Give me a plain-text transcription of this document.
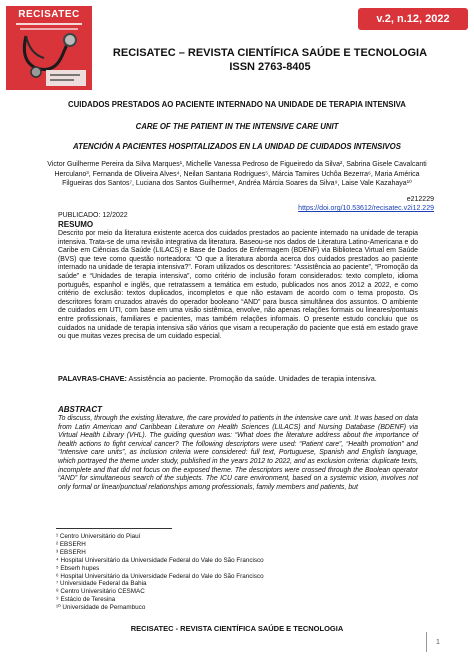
RECISATEC	v.2, n.12, 2022
RECISATEC – REVISTA CIENTÍFICA SAÚDE E TECNOLOGIA
ISSN 2763-8405
CUIDADOS PRESTADOS AO PACIENTE INTERNADO NA UNIDADE DE TERAPIA INTENSIVA
CARE OF THE PATIENT IN THE INTENSIVE CARE UNIT
ATENCIÓN A PACIENTES HOSPITALIZADOS EN LA UNIDAD DE CUIDADOS INTENSIVOS
Victor Guilherme Pereira da Silva Marques¹, Michelle Vanessa Pedroso de Figueiredo da Silva², Sabrina Gisele Cavalcanti Herculano³, Fernanda de Oliveira Alves⁴, Neilan Santana Rodrigues⁵, Márcia Tamires Uchôa Bezerra⁶, Maria América Filgueiras dos Santos⁷, Luciana dos Santos Guilherme⁸, Andréa Márcia Soares da Silva⁹, Laise Vale Kazahaya¹⁰
e212229
https://doi.org/10.53612/recisatec.v2i12.229
PUBLICADO: 12/2022
RESUMO
Descrito por meio da literatura existente acerca dos cuidados prestados ao paciente internado na unidade de terapia intensiva. Trata-se de uma revisão integrativa da literatura. Baseou-se nos dados de Literatura Latino-Americana e do Caribe em Ciências da Saúde (LILACS) e Base de Dados de Enfermagem (BDENF) via Biblioteca Virtual em Saúde (BVS) que teve como questão norteadora: “O que a literatura aborda acerca dos cuidados prestados ao paciente internado na unidade de terapia intensiva?”. Foram utilizados os descritores: “Assistência ao paciente”, “Promoção da saúde” e “Unidades de terapia intensiva”, como critério de inclusão foram considerados: texto completo, idioma português, espanhol e inglês, que retratassem a temática em estudo, publicados nos anos 2012 a 2022, e como critério de exclusão: textos duplicados, incompletos e que não estavam de acordo com o tema proposto. Os descritores foram cruzados através do operador booleano “AND” para busca simultânea dos assuntos. O ambiente de cuidados em UTI, com base em uma visão sistêmica, envolve, não apenas relações formais ou lineares/pontuais entre profissionais, familiares e pacientes, mas também relações informais. O presente estudo concluiu que os cuidados na unidade de terapia intensiva são vários que visam a recuperação do paciente que está em estado grave ou que muitas vezes precisa de um cuidado especial.
PALAVRAS-CHAVE: Assistência ao paciente. Promoção da saúde. Unidades de terapia intensiva.
ABSTRACT
To discuss, through the existing literature, the care provided to patients in the intensive care unit. It was based on data from Latin American and Caribbean Literature on Health Sciences (LILACS) and Nursing Database (BDENF) via Virtual Health Library (VHL). The guiding question was: “What does the literature address about the importance of health actions to fight cervical cancer? The following descriptors were used: “Patient care”, “Health promotion” and “Intensive care units”, as inclusion criteria were considered: full text, Portuguese, Spanish and English language, which portrayed the theme under study, published in the years 2012 to 2022, and as exclusion criteria: duplicate texts, incomplete and that did not focus on the exposed theme. The descriptors were crossed through the Boolean operator “AND” for simultaneous search of the subjects. The ICU care environment, based on a systemic vision, involves not only formal or linear/punctual relationships among professionals, family members and patients, but
¹ Centro Universitário do Piauí
² EBSERH
³ EBSERH
⁴ Hospital Universitário da Universidade Federal do Vale do São Francisco
⁵ Ebserh hupes
⁶ Hospital Universitário da Universidade Federal do Vale do São Francisco
⁷ Universidade Federal da Bahia
⁸ Centro Universitário CESMAC
⁹ Estácio de Teresina
¹⁰ Universidade de Pernambuco
RECISATEC - REVISTA CIENTÍFICA SAÚDE E TECNOLOGIA
1
